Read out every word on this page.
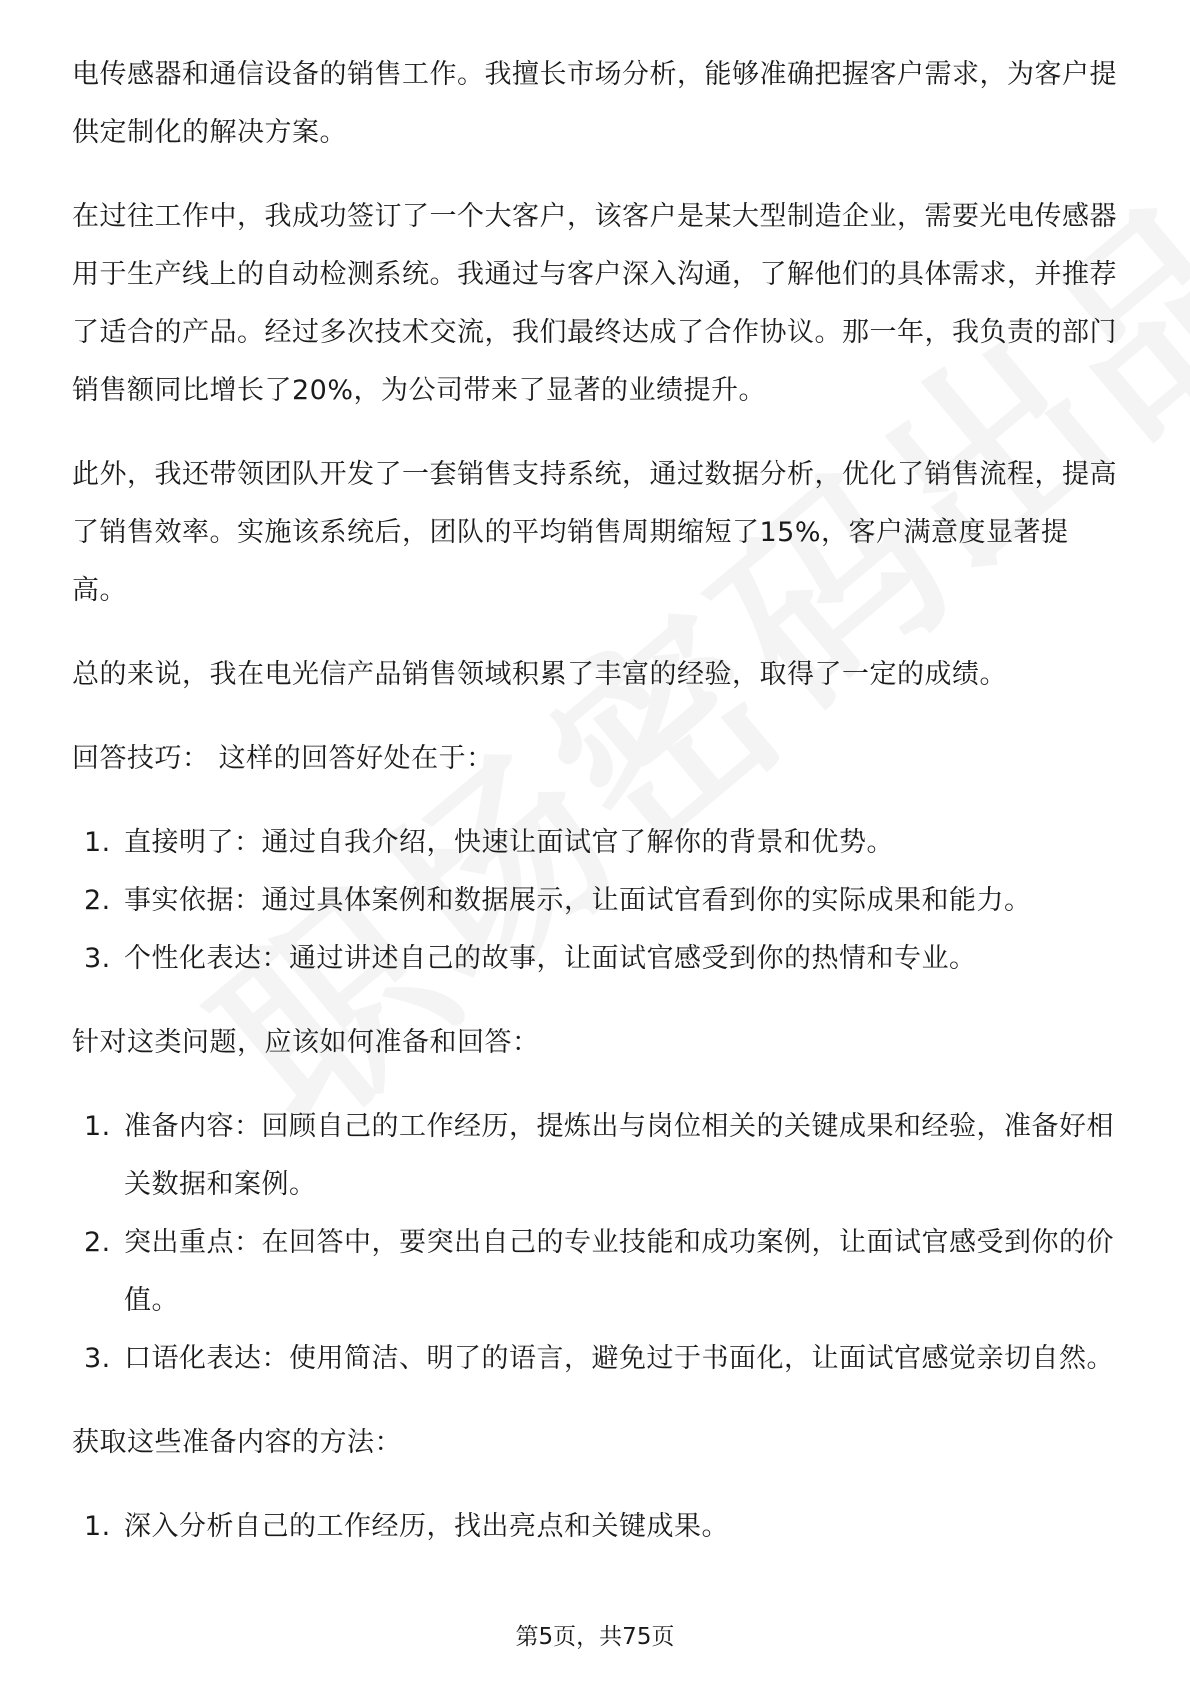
电传感器和通信设备的销售工作。我擅长市场分析，能够准确把握客户需求，为客户提供定制化的解决方案。

在过往工作中，我成功签订了一个大客户，该客户是某大型制造企业，需要光电传感器用于生产线上的自动检测系统。我通过与客户深入沟通，了解他们的具体需求，并推荐了适合的产品。经过多次技术交流，我们最终达成了合作协议。那一年，我负责的部门销售额同比增长了20%，为公司带来了显著的业绩提升。

此外，我还带领团队开发了一套销售支持系统，通过数据分析，优化了销售流程，提高了销售效率。实施该系统后，团队的平均销售周期缩短了15%，客户满意度显著提高。

总的来说，我在电光信产品销售领域积累了丰富的经验，取得了一定的成绩。

回答技巧： 这样的回答好处在于：

1. 直接明了：通过自我介绍，快速让面试官了解你的背景和优势。
2. 事实依据：通过具体案例和数据展示，让面试官看到你的实际成果和能力。
3. 个性化表达：通过讲述自己的故事，让面试官感受到你的热情和专业。

针对这类问题，应该如何准备和回答：

1. 准备内容：回顾自己的工作经历，提炼出与岗位相关的关键成果和经验，准备好相关数据和案例。
2. 突出重点：在回答中，要突出自己的专业技能和成功案例，让面试官感受到你的价值。
3. 口语化表达：使用简洁、明了的语言，避免过于书面化，让面试官感觉亲切自然。

获取这些准备内容的方法：

1. 深入分析自己的工作经历，找出亮点和关键成果。
第5页，共75页
